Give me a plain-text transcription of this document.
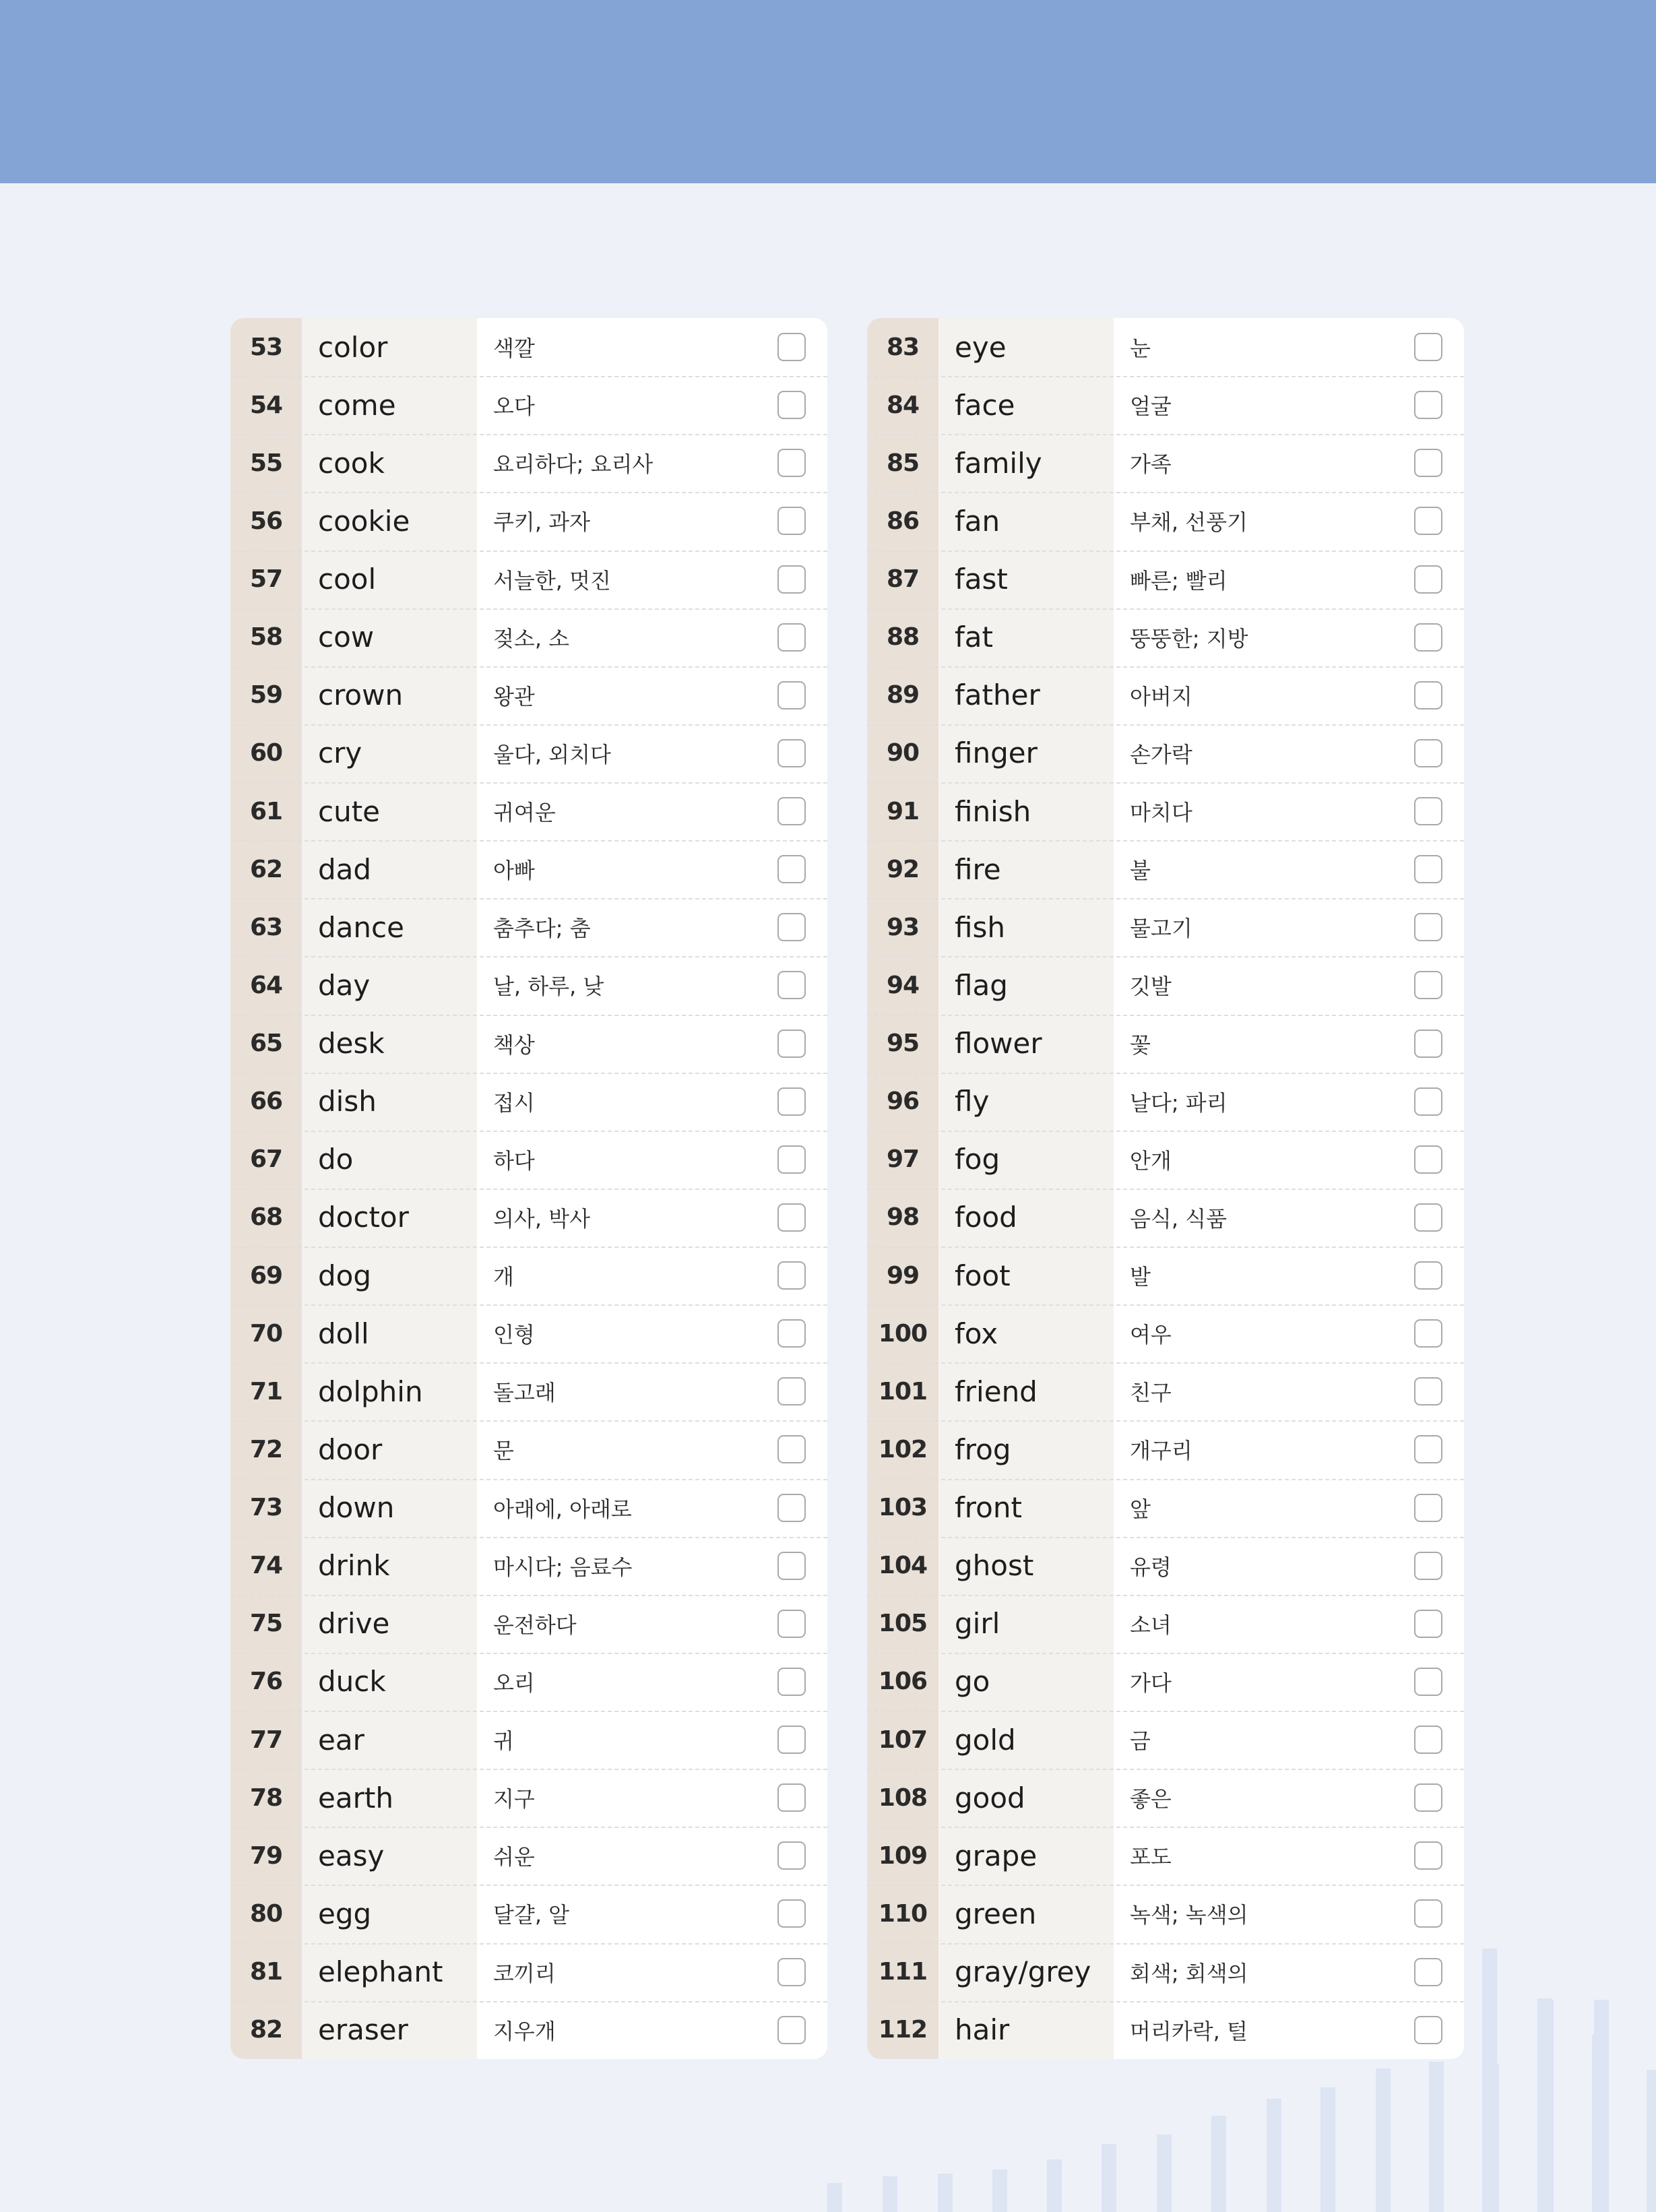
53	color	색깔
54	come	오다
55	cook	요리하다; 요리사
56	cookie	쿠키, 과자
57	cool	서늘한, 멋진
58	cow	젖소, 소
59	crown	왕관
60	cry	울다, 외치다
61	cute	귀여운
62	dad	아빠
63	dance	춤추다; 춤
64	day	날, 하루, 낮
65	desk	책상
66	dish	접시
67	do	하다
68	doctor	의사, 박사
69	dog	개
70	doll	인형
71	dolphin	돌고래
72	door	문
73	down	아래에, 아래로
74	drink	마시다; 음료수
75	drive	운전하다
76	duck	오리
77	ear	귀
78	earth	지구
79	easy	쉬운
80	egg	달걀, 알
81	elephant	코끼리
82	eraser	지우개
83	eye	눈
84	face	얼굴
85	family	가족
86	fan	부채, 선풍기
87	fast	빠른; 빨리
88	fat	뚱뚱한; 지방
89	father	아버지
90	finger	손가락
91	finish	마치다
92	fire	불
93	fish	물고기
94	flag	깃발
95	flower	꽃
96	fly	날다; 파리
97	fog	안개
98	food	음식, 식품
99	foot	발
100 fox	여우
101 friend	친구
102 frog	개구리
103 front	앞
104 ghost	유령
105 girl	소녀
106 go	가다
107 gold	금
108 good	좋은
109 grape	포도
110 green	녹색; 녹색의
111 gray/grey	회색; 회색의
112 hair	머리카락, 털
